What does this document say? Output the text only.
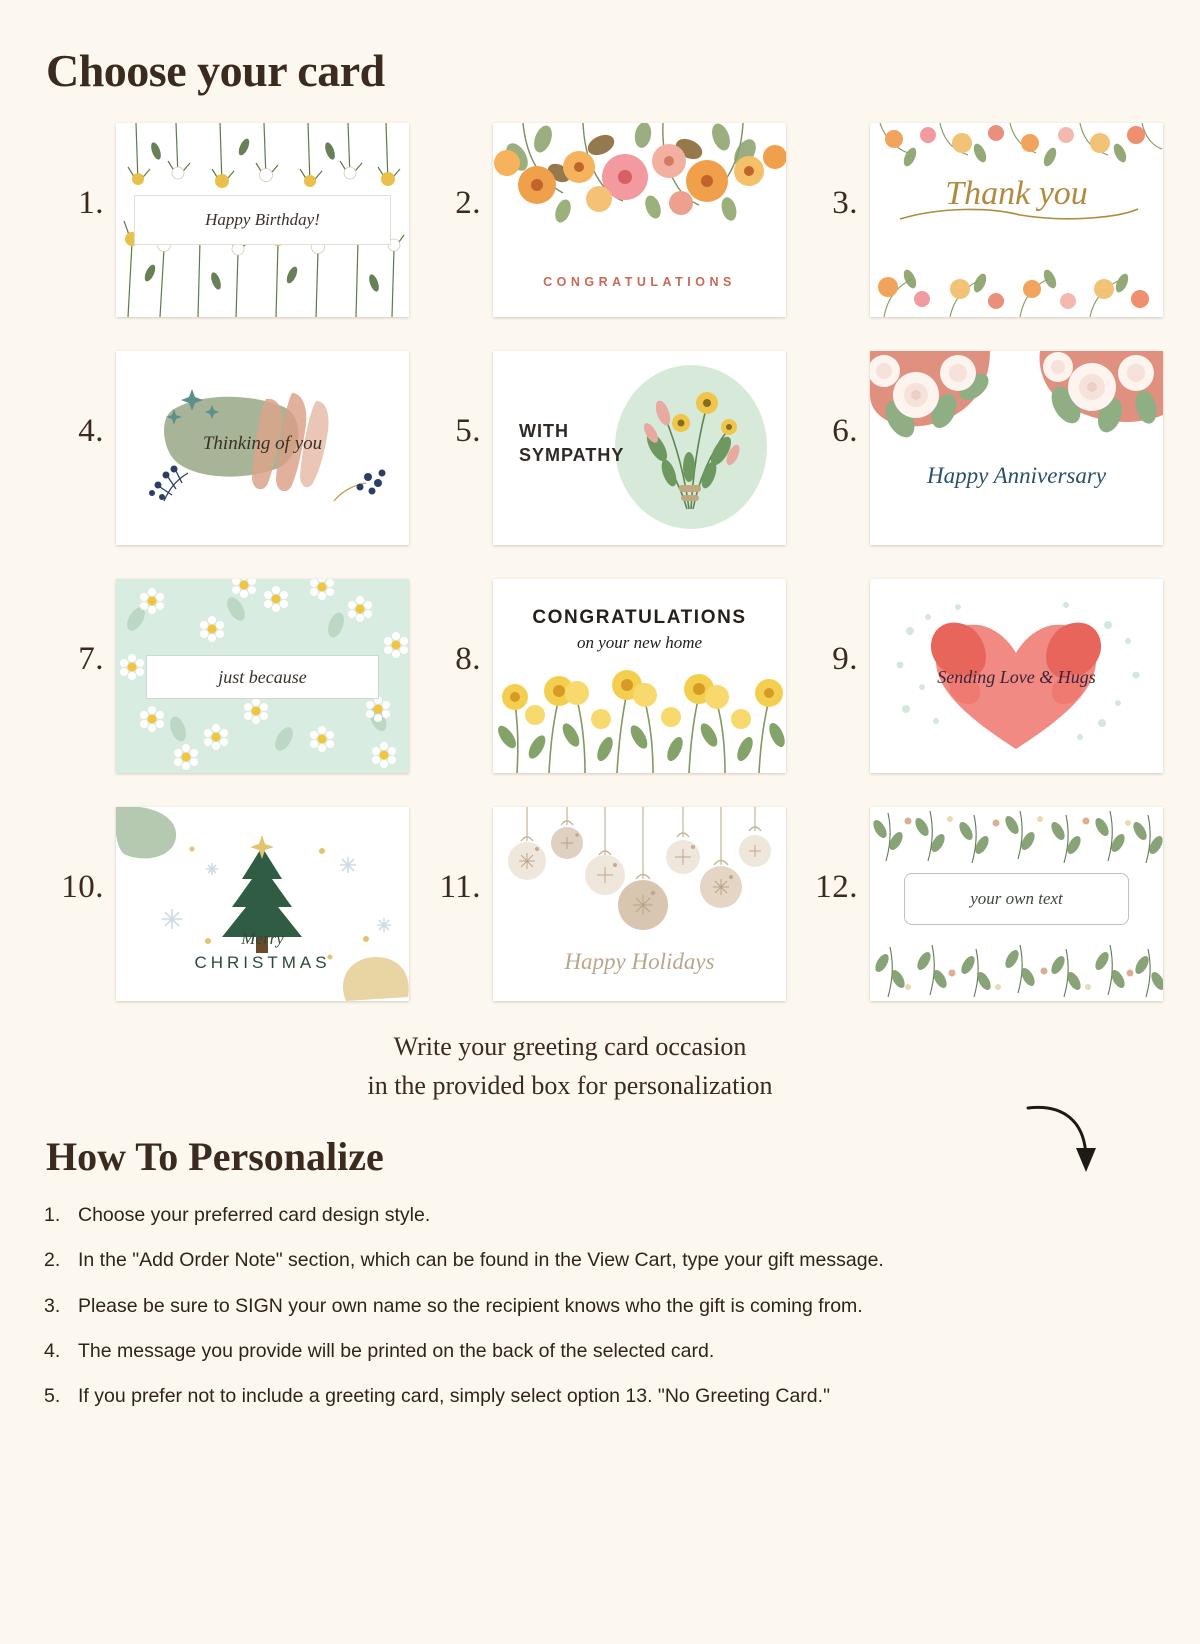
Choose your card
1.	Happy Birthday!	2.
CONGRATULATIONS
3.	Thank you
4.	Thinking of you	5.	WITH SYMPATHY
6.
Happy Anniversary
7.	just because	8.
CONGRATULATIONS
on your new home	9.	Sending Love & Hugs
10.
Merry
CHRISTMAS
11.
Happy Holidays
12.	your own text
Write your greeting card occasion
in the provided box for personalization
How To Personalize
Choose your preferred card design style.
In the "Add Order Note" section, which can be found in the View Cart, type your gift message.
Please be sure to SIGN your own name so the recipient knows who the gift is coming from.
The message you provide will be printed on the back of the selected card.
If you prefer not to include a greeting card, simply select option 13. "No Greeting Card."
